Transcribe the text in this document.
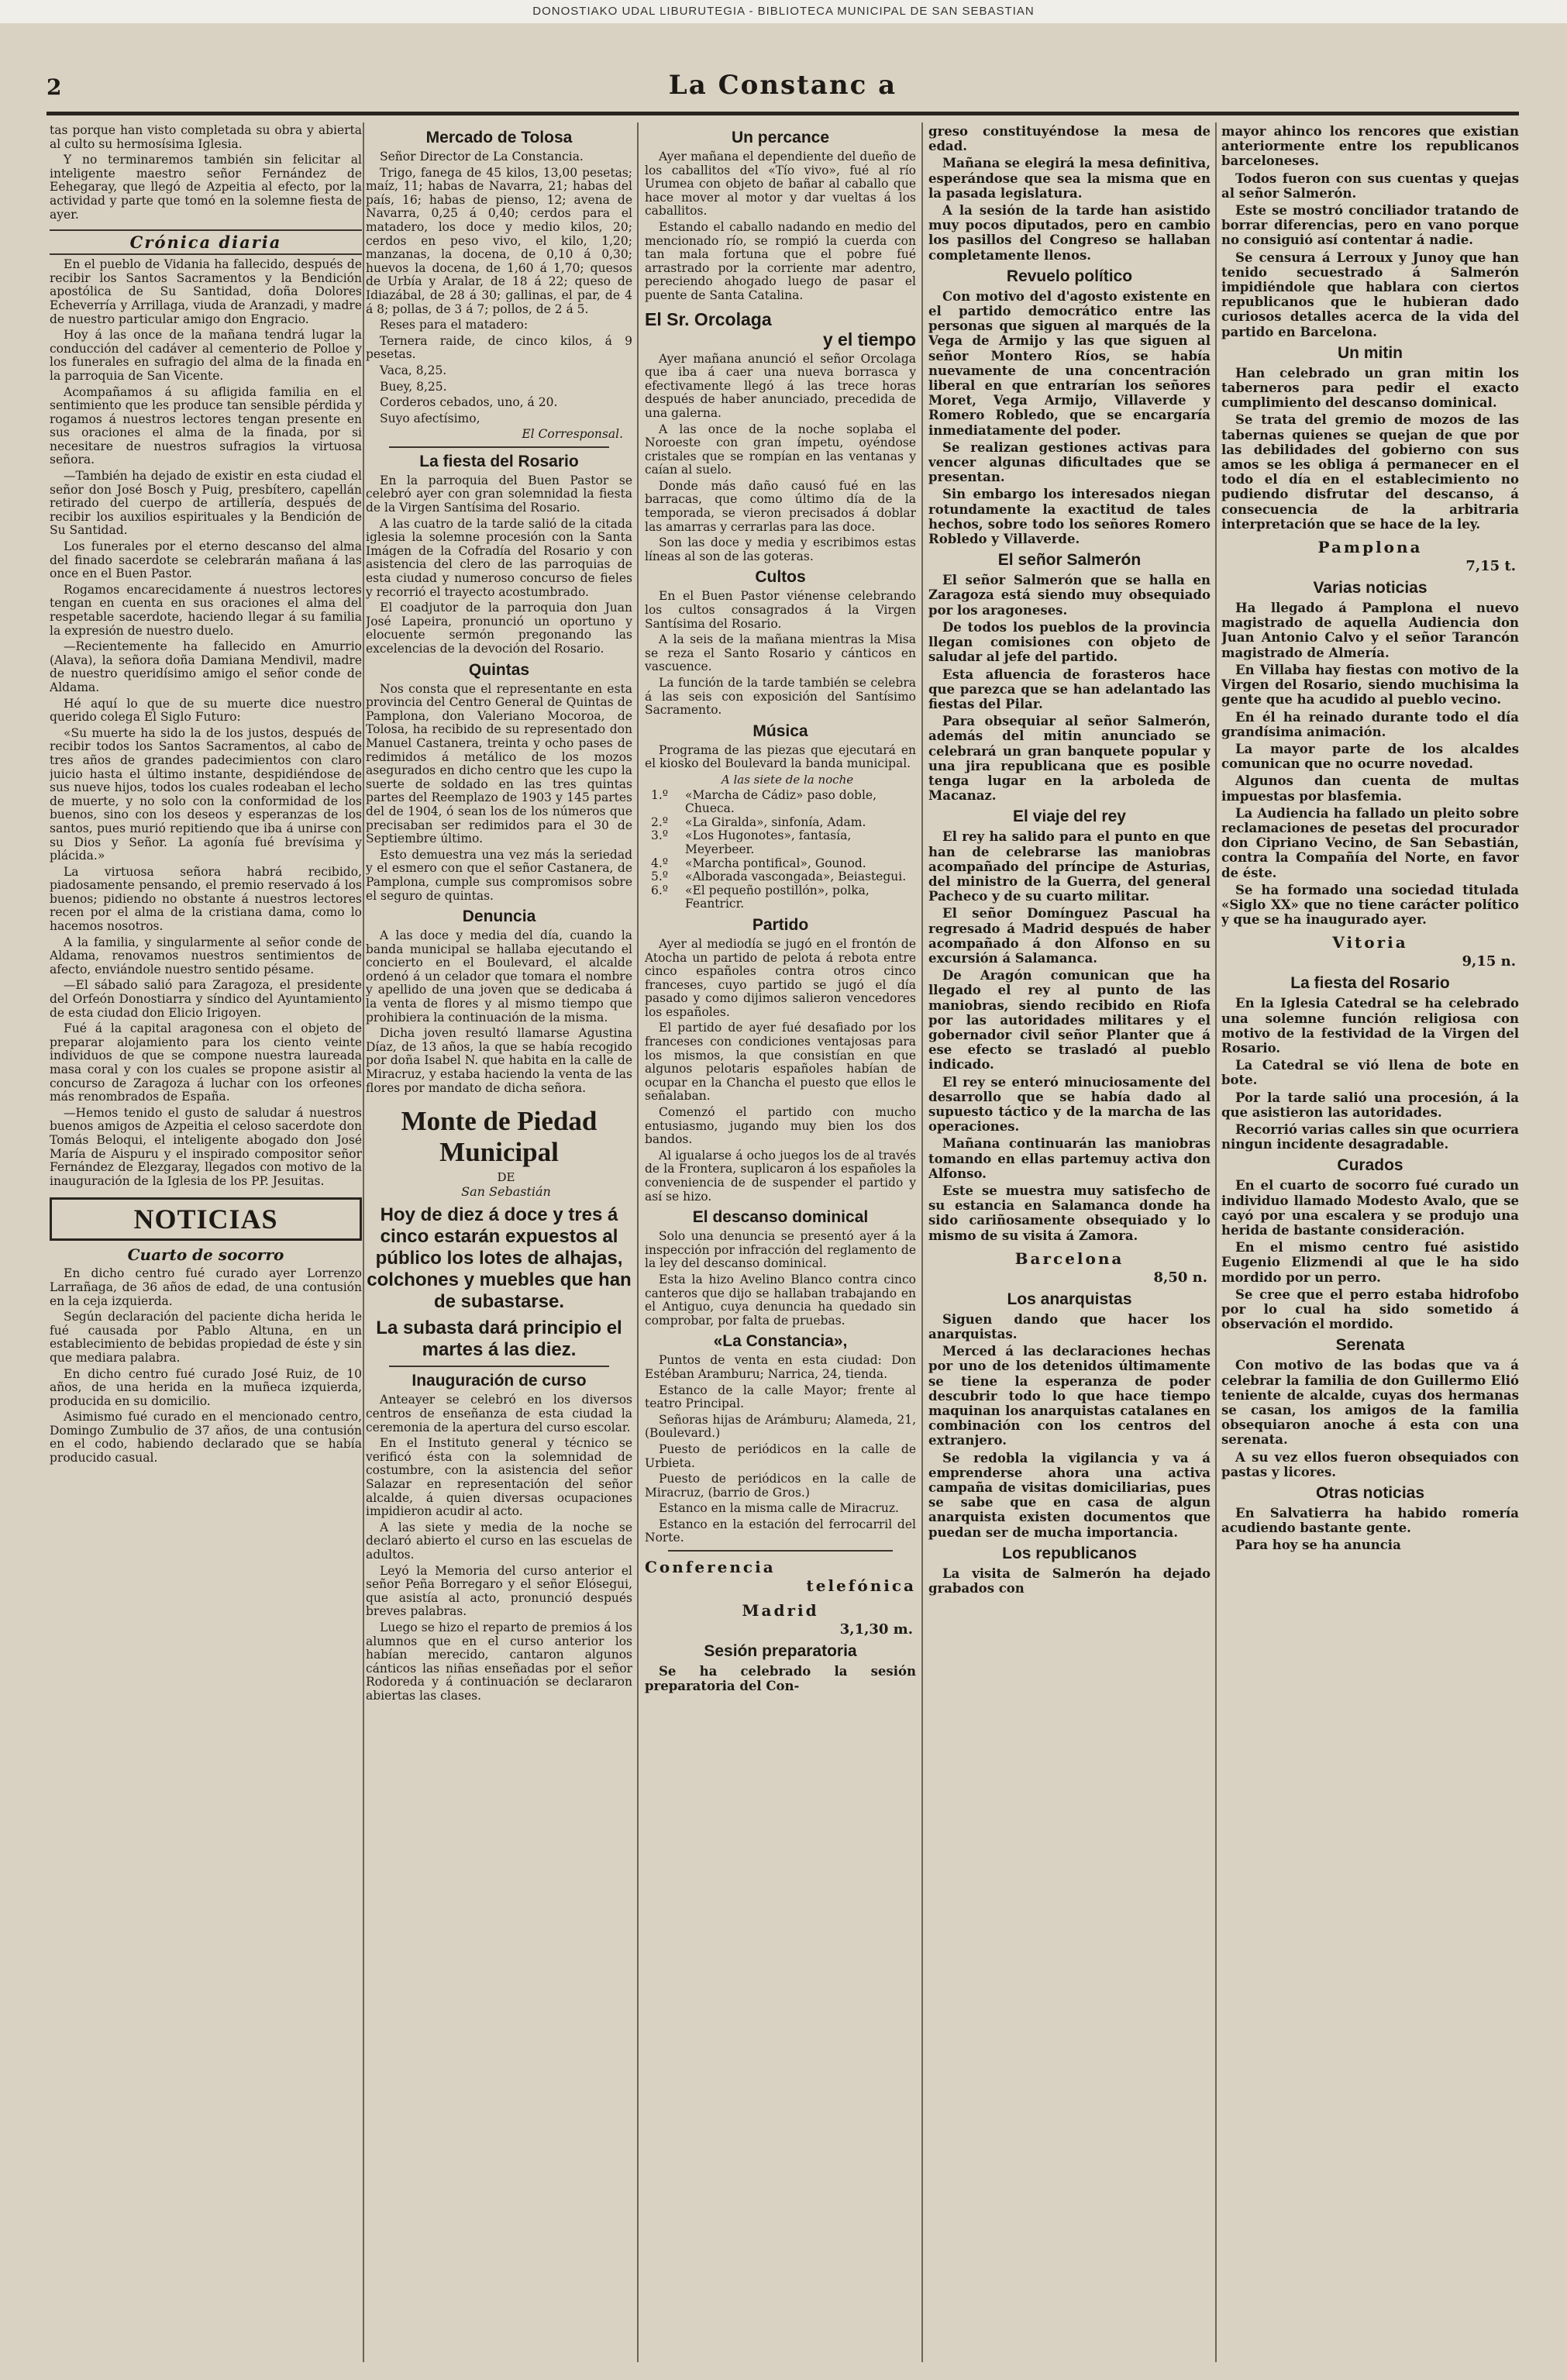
DONOSTIAKO UDAL LIBURUTEGIA - BIBLIOTECA MUNICIPAL DE SAN SEBASTIAN
2	La Constanc a

tas porque han visto completada su obra y abierta al culto su hermosísima Iglesia.

Y no terminaremos también sin felicitar al inteligente maestro señor Fernández de Eehegaray, que llegó de Azpeitia al efecto, por la actividad y parte que tomó en la solemne fiesta de ayer.

Crónica diaria

En el pueblo de Vidania ha fallecido, después de recibir los Santos Sacramentos y la Bendición apostólica de Su Santidad, doña Dolores Echeverría y Arrillaga, viuda de Aranzadi, y madre de nuestro particular amigo don Engracio.

Hoy á las once de la mañana tendrá lugar la conducción del cadáver al cementerio de Polloe y los funerales en sufragio del alma de la finada en la parroquia de San Vicente.

Acompañamos á su afligida familia en el sentimiento que les produce tan sensible pérdida y rogamos á nuestros lectores tengan presente en sus oraciones el alma de la finada, por si necesitare de nuestros sufragios la virtuosa señora.

—También ha dejado de existir en esta ciudad el señor don José Bosch y Puig, presbítero, capellán retirado del cuerpo de artillería, después de recibir los auxilios espirituales y la Bendición de Su Santidad.

Los funerales por el eterno descanso del alma del finado sacerdote se celebrarán mañana á las once en el Buen Pastor.

Rogamos encarecidamente á nuestros lectores tengan en cuenta en sus oraciones el alma del respetable sacerdote, haciendo llegar á su familia la expresión de nuestro duelo.

—Recientemente ha fallecido en Amurrio (Alava), la señora doña Damiana Mendivil, madre de nuestro queridísimo amigo el señor conde de Aldama.

Hé aquí lo que de su muerte dice nuestro querido colega El Siglo Futuro:

«Su muerte ha sido la de los justos, después de recibir todos los Santos Sacramentos, al cabo de tres años de grandes padecimientos con claro juicio hasta el último instante, despidiéndose de sus nueve hijos, todos los cuales rodeaban el lecho de muerte, y no solo con la conformidad de los buenos, sino con los deseos y esperanzas de los santos, pues murió repitiendo que iba á unirse con su Dios y Señor. La agonía fué brevísima y plácida.»

La virtuosa señora habrá recibido, piadosamente pensando, el premio reservado á los buenos; pidiendo no obstante á nuestros lectores recen por el alma de la cristiana dama, como lo hacemos nosotros.

A la familia, y singularmente al señor conde de Aldama, renovamos nuestros sentimientos de afecto, enviándole nuestro sentido pésame.

—El sábado salió para Zaragoza, el presidente del Orfeón Donostiarra y síndico del Ayuntamiento de esta ciudad don Elicio Irigoyen.

Fué á la capital aragonesa con el objeto de preparar alojamiento para los ciento veinte individuos de que se compone nuestra laureada masa coral y con los cuales se propone asistir al concurso de Zaragoza á luchar con los orfeones más renombrados de España.

—Hemos tenido el gusto de saludar á nuestros buenos amigos de Azpeitia el celoso sacerdote don Tomás Beloqui, el inteligente abogado don José María de Aispuru y el inspirado compositor señor Fernández de Elezgaray, llegados con motivo de la inauguración de la Iglesia de los PP. Jesuitas.

NOTICIAS
Cuarto de socorro

En dicho centro fué curado ayer Lorrenzo Larrañaga, de 36 años de edad, de una contusión en la ceja izquierda.

Según declaración del paciente dicha herida le fué causada por Pablo Altuna, en un establecimiento de bebidas propiedad de éste y sin que mediara palabra.

En dicho centro fué curado José Ruiz, de 10 años, de una herida en la muñeca izquierda, producida en su domicilio.

Asimismo fué curado en el mencionado centro, Domingo Zumbulio de 37 años, de una contusión en el codo, habiendo declarado que se había producido casual.

Mercado de Tolosa

Señor Director de La Constancia.

Trigo, fanega de 45 kilos, 13,00 pesetas; maíz, 11; habas de Navarra, 21; habas del país, 16; habas de pienso, 12; avena de Navarra, 0,25 á 0,40; cerdos para el matadero, los doce y medio kilos, 20; cerdos en peso vivo, el kilo, 1,20; manzanas, la docena, de 0,10 á 0,30; huevos la docena, de 1,60 á 1,70; quesos de Urbía y Aralar, de 18 á 22; queso de Idiazábal, de 28 á 30; gallinas, el par, de 4 á 8; pollas, de 3 á 7; pollos, de 2 á 5.

Reses para el matadero:

Ternera raide, de cinco kilos, á 9 pesetas.

Vaca, 8,25.

Buey, 8,25.

Corderos cebados, uno, á 20.

Suyo afectísimo,

El Corresponsal.

La fiesta del Rosario

En la parroquia del Buen Pastor se celebró ayer con gran solemnidad la fiesta de la Virgen Santísima del Rosario.

A las cuatro de la tarde salió de la citada iglesia la solemne procesión con la Santa Imágen de la Cofradía del Rosario y con asistencia del clero de las parroquias de esta ciudad y numeroso concurso de fieles y recorrió el trayecto acostumbrado.

El coadjutor de la parroquia don Juan José Lapeira, pronunció un oportuno y elocuente sermón pregonando las excelencias de la devoción del Rosario.

Quintas

Nos consta que el representante en esta provincia del Centro General de Quintas de Pamplona, don Valeriano Mocoroa, de Tolosa, ha recibido de su representado don Manuel Castanera, treinta y ocho pases de redimidos á metálico de los mozos asegurados en dicho centro que les cupo la suerte de soldado en las tres quintas partes del Reemplazo de 1903 y 145 partes del de 1904, ó sean los de los números que precisaban ser redimidos para el 30 de Septiembre último.

Esto demuestra una vez más la seriedad y el esmero con que el señor Castanera, de Pamplona, cumple sus compromisos sobre el seguro de quintas.

Denuncia

A las doce y media del día, cuando la banda municipal se hallaba ejecutando el concierto en el Boulevard, el alcalde ordenó á un celador que tomara el nombre y apellido de una joven que se dedicaba á la venta de flores y al mismo tiempo que prohibiera la continuación de la misma.

Dicha joven resultó llamarse Agustina Díaz, de 13 años, la que se había recogido por doña Isabel N. que habita en la calle de Miracruz, y estaba haciendo la venta de las flores por mandato de dicha señora.

Monte de Piedad Municipal

DE

San Sebastián

Hoy de diez á doce y tres á cinco estarán expuestos al público los lotes de alhajas, colchones y muebles que han de subastarse.
La subasta dará principio el martes á las diez.
Inauguración de curso

Anteayer se celebró en los diversos centros de enseñanza de esta ciudad la ceremonia de la apertura del curso escolar.

En el Instituto general y técnico se verificó ésta con la solemnidad de costumbre, con la asistencia del señor Salazar en representación del señor alcalde, á quien diversas ocupaciones impidieron acudir al acto.

A las siete y media de la noche se declaró abierto el curso en las escuelas de adultos.

Leyó la Memoria del curso anterior el señor Peña Borregaro y el señor Elósegui, que asistía al acto, pronunció después breves palabras.

Luego se hizo el reparto de premios á los alumnos que en el curso anterior los habían merecido, cantaron algunos cánticos las niñas enseñadas por el señor Rodoreda y á continuación se declararon abiertas las clases.

Un percance

Ayer mañana el dependiente del dueño de los caballitos del «Tío vivo», fué al río Urumea con objeto de bañar al caballo que hace mover al motor y dar vueltas á los caballitos.

Estando el caballo nadando en medio del mencionado río, se rompió la cuerda con tan mala fortuna que el pobre fué arrastrado por la corriente mar adentro, pereciendo ahogado luego de pasar el puente de Santa Catalina.

El Sr. Orcolaga
y el tiempo

Ayer mañana anunció el señor Orcolaga que iba á caer una nueva borrasca y efectivamente llegó á las trece horas después de haber anunciado, precedida de una galerna.

A las once de la noche soplaba el Noroeste con gran ímpetu, oyéndose cristales que se rompían en las ventanas y caían al suelo.

Donde más daño causó fué en las barracas, que como último día de la temporada, se vieron precisados á doblar las amarras y cerrarlas para las doce.

Son las doce y media y escribimos estas líneas al son de las goteras.

Cultos

En el Buen Pastor viénense celebrando los cultos consagrados á la Virgen Santísima del Rosario.

A la seis de la mañana mientras la Misa se reza el Santo Rosario y cánticos en vascuence.

La función de la tarde también se celebra á las seis con exposición del Santísimo Sacramento.

Música

Programa de las piezas que ejecutará en el kiosko del Boulevard la banda municipal.

A las siete de la noche

1.º	«Marcha de Cádiz» paso doble, Chueca.
2.º	«La Giralda», sinfonía, Adam.
3.º	«Los Hugonotes», fantasía, Meyerbeer.
4.º	«Marcha pontifical», Gounod.
5.º	«Alborada vascongada», Beiastegui.
6.º	«El pequeño postillón», polka, Feantricr.
Partido

Ayer al mediodía se jugó en el frontón de Atocha un partido de pelota á rebota entre cinco españoles contra otros cinco franceses, cuyo partido se jugó el día pasado y como dijimos salieron vencedores los españoles.

El partido de ayer fué desafiado por los franceses con condiciones ventajosas para los mismos, la que consistían en que algunos pelotaris españoles habían de ocupar en la Chancha el puesto que ellos le señalaban.

Comenzó el partido con mucho entusiasmo, jugando muy bien los dos bandos.

Al igualarse á ocho juegos los de al través de la Frontera, suplicaron á los españoles la conveniencia de de suspender el partido y así se hizo.

El descanso dominical

Solo una denuncia se presentó ayer á la inspección por infracción del reglamento de la ley del descanso dominical.

Esta la hizo Avelino Blanco contra cinco canteros que dijo se hallaban trabajando en el Antiguo, cuya denuncia ha quedado sin comprobar, por falta de pruebas.

«La Constancia»,

Puntos de venta en esta ciudad: Don Estéban Aramburu; Narrica, 24, tienda.

Estanco de la calle Mayor; frente al teatro Principal.

Señoras hijas de Arámburu; Alameda, 21, (Boulevard.)

Puesto de periódicos en la calle de Urbieta.

Puesto de periódicos en la calle de Miracruz, (barrio de Gros.)

Estanco en la misma calle de Miracruz.

Estanco en la estación del ferrocarril del Norte.

Conferencia
telefónica
Madrid
3,1,30 m.
Sesión preparatoria

Se ha celebrado la sesión preparatoria del Con-

greso constituyéndose la mesa de edad.

Mañana se elegirá la mesa definitiva, esperándose que sea la misma que en la pasada legislatura.

A la sesión de la tarde han asistido muy pocos diputados, pero en cambio los pasillos del Congreso se hallaban completamente llenos.

Revuelo político

Con motivo del d'agosto existente en el partido democrático entre las personas que siguen al marqués de la Vega de Armijo y las que siguen al señor Montero Ríos, se había nuevamente de una concentración liberal en que entrarían los señores Moret, Vega Armijo, Villaverde y Romero Robledo, que se encargaría inmediatamente del poder.

Se realizan gestiones activas para vencer algunas dificultades que se presentan.

Sin embargo los interesados niegan rotundamente la exactitud de tales hechos, sobre todo los señores Romero Robledo y Villaverde.

El señor Salmerón

El señor Salmerón que se halla en Zaragoza está siendo muy obsequiado por los aragoneses.

De todos los pueblos de la provincia llegan comisiones con objeto de saludar al jefe del partido.

Esta afluencia de forasteros hace que parezca que se han adelantado las fiestas del Pilar.

Para obsequiar al señor Salmerón, además del mitin anunciado se celebrará un gran banquete popular y una jira republicana que es posible tenga lugar en la arboleda de Macanaz.

El viaje del rey

El rey ha salido para el punto en que han de celebrarse las maniobras acompañado del príncipe de Asturias, del ministro de la Guerra, del general Pacheco y de su cuarto militar.

El señor Domínguez Pascual ha regresado á Madrid después de haber acompañado á don Alfonso en su excursión á Salamanca.

De Aragón comunican que ha llegado el rey al punto de las maniobras, siendo recibido en Riofa por las autoridades militares y el gobernador civil señor Planter que á ese efecto se trasladó al pueblo indicado.

El rey se enteró minuciosamente del desarrollo que se había dado al supuesto táctico y de la marcha de las operaciones.

Mañana continuarán las maniobras tomando en ellas partemuy activa don Alfonso.

Este se muestra muy satisfecho de su estancia en Salamanca donde ha sido cariñosamente obsequiado y lo mismo de su visita á Zamora.

Barcelona
8,50 n.
Los anarquistas

Siguen dando que hacer los anarquistas.

Merced á las declaraciones hechas por uno de los detenidos últimamente se tiene la esperanza de poder descubrir todo lo que hace tiempo maquinan los anarquistas catalanes en combinación con los centros del extranjero.

Se redobla la vigilancia y va á emprenderse ahora una activa campaña de visitas domiciliarias, pues se sabe que en casa de algun anarquista existen documentos que puedan ser de mucha importancia.

Los republicanos

La visita de Salmerón ha dejado grabados con

mayor ahinco los rencores que existian anteriormente entre los republicanos barceloneses.

Todos fueron con sus cuentas y quejas al señor Salmerón.

Este se mostró conciliador tratando de borrar diferencias, pero en vano porque no consiguió así contentar á nadie.

Se censura á Lerroux y Junoy que han tenido secuestrado á Salmerón impidiéndole que hablara con ciertos republicanos que le hubieran dado curiosos detalles acerca de la vida del partido en Barcelona.

Un mitin

Han celebrado un gran mitin los taberneros para pedir el exacto cumplimiento del descanso dominical.

Se trata del gremio de mozos de las tabernas quienes se quejan de que por las debilidades del gobierno con sus amos se les obliga á permanecer en el todo el día en el establecimiento no pudiendo disfrutar del descanso, á consecuencia de la arbitraria interpretación que se hace de la ley.

Pamplona
7,15 t.
Varias noticias

Ha llegado á Pamplona el nuevo magistrado de aquella Audiencia don Juan Antonio Calvo y el señor Tarancón magistrado de Almería.

En Villaba hay fiestas con motivo de la Virgen del Rosario, siendo muchisima la gente que ha acudido al pueblo vecino.

En él ha reinado durante todo el día grandísima animación.

La mayor parte de los alcaldes comunican que no ocurre novedad.

Algunos dan cuenta de multas impuestas por blasfemia.

La Audiencia ha fallado un pleito sobre reclamaciones de pesetas del procurador don Cipriano Vecino, de San Sebastián, contra la Compañía del Norte, en favor de éste.

Se ha formado una sociedad titulada «Siglo XX» que no tiene carácter político y que se ha inaugurado ayer.

Vitoria
9,15 n.
La fiesta del Rosario

En la Iglesia Catedral se ha celebrado una solemne función religiosa con motivo de la festividad de la Virgen del Rosario.

La Catedral se vió llena de bote en bote.

Por la tarde salió una procesión, á la que asistieron las autoridades.

Recorrió varias calles sin que ocurriera ningun incidente desagradable.

Curados

En el cuarto de socorro fué curado un individuo llamado Modesto Avalo, que se cayó por una escalera y se produjo una herida de bastante consideración.

En el mismo centro fué asistido Eugenio Elizmendi al que le ha sido mordido por un perro.

Se cree que el perro estaba hidrofobo por lo cual ha sido sometido á observación el mordido.

Serenata

Con motivo de las bodas que va á celebrar la familia de don Guillermo Elió teniente de alcalde, cuyas dos hermanas se casan, los amigos de la familia obsequiaron anoche á esta con una serenata.

A su vez ellos fueron obsequiados con pastas y licores.

Otras noticias

En Salvatierra ha habido romería acudiendo bastante gente.

Para hoy se ha anuncia
